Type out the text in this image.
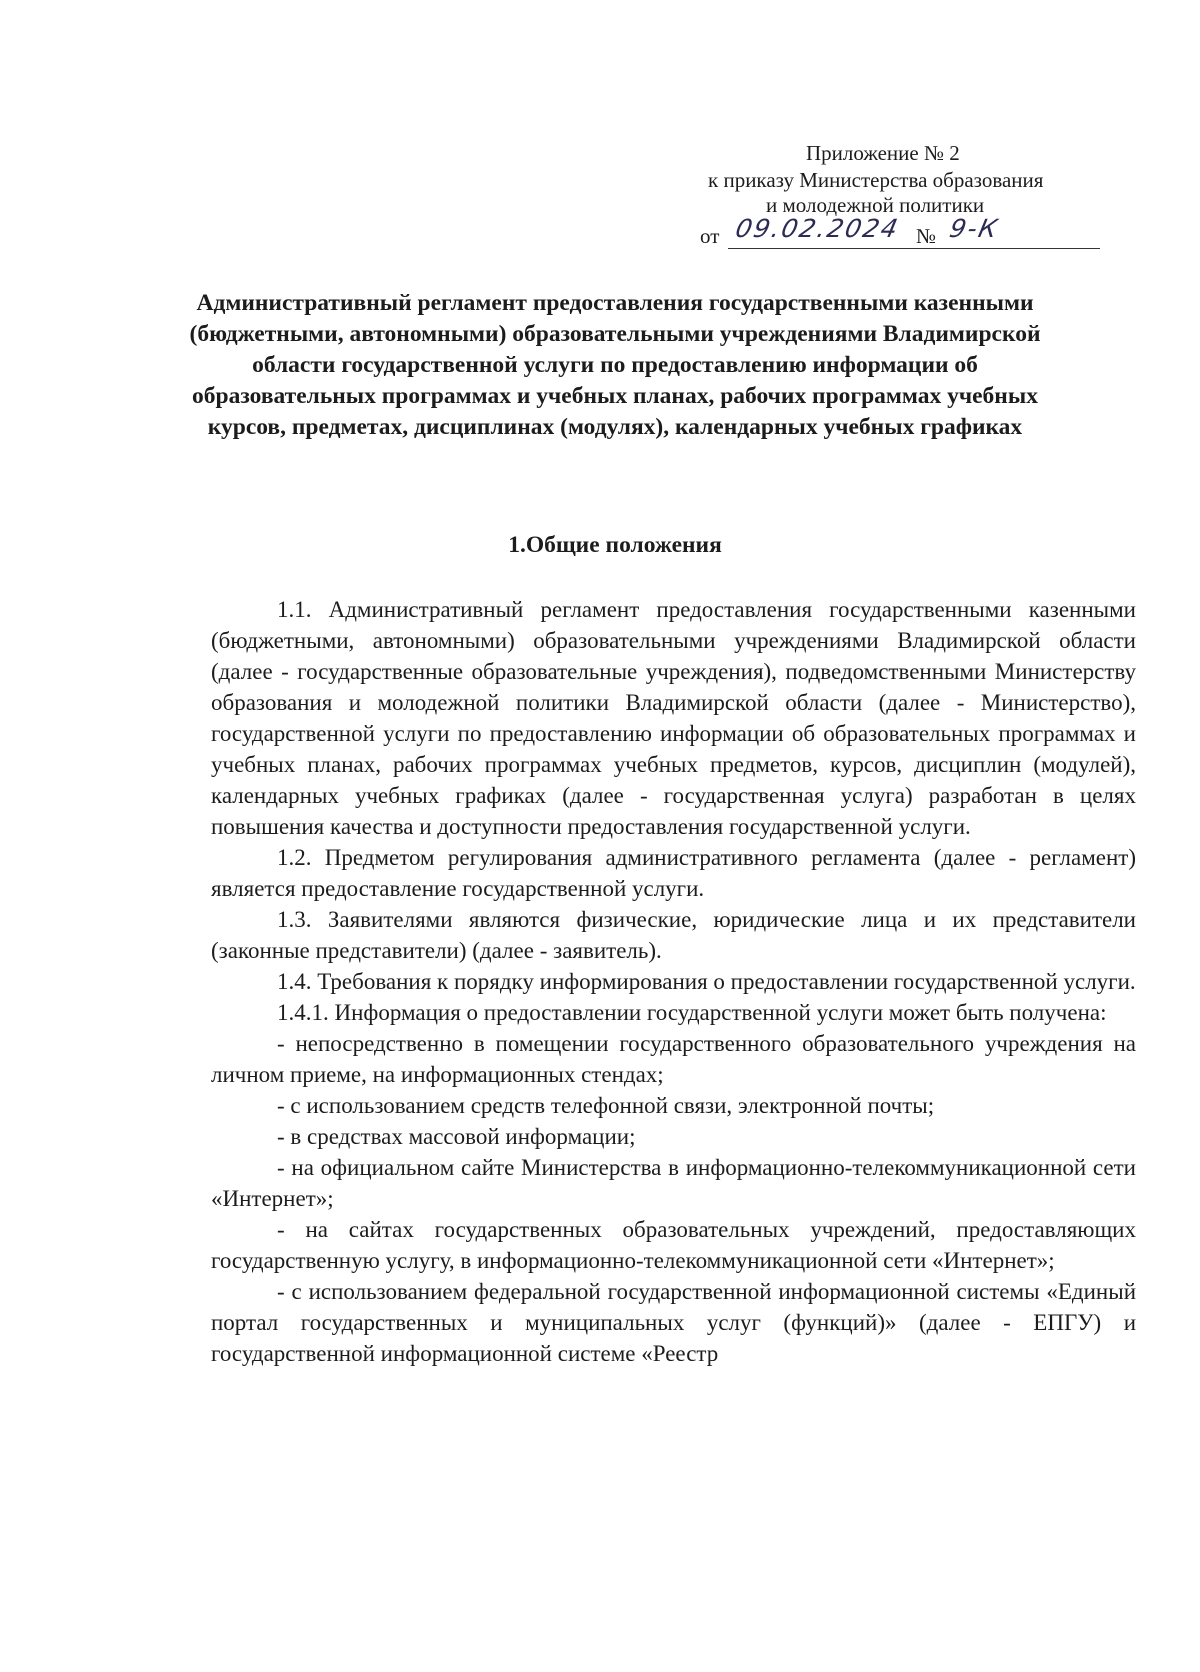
Приложение № 2
к приказу Министерства образования
и молодежной политики
от 09.02.2024 № 9-К
Административный регламент предоставления государственными казенными (бюджетными, автономными) образовательными учреждениями Владимирской области государственной услуги по предоставлению информации об образовательных программах и учебных планах, рабочих программах учебных курсов, предметах, дисциплинах (модулях), календарных учебных графиках
1.Общие положения

1.1. Административный регламент предоставления государственными казенными (бюджетными, автономными) образовательными учреждениями Владимирской области (далее - государственные образовательные учреждения), подведомственными Министерству образования и молодежной политики Владимирской области (далее - Министерство), государственной услуги по предоставлению информации об образовательных программах и учебных планах, рабочих программах учебных предметов, курсов, дисциплин (модулей), календарных учебных графиках (далее - государственная услуга) разработан в целях повышения качества и доступности предоставления государственной услуги.

1.2. Предметом регулирования административного регламента (далее - регламент) является предоставление государственной услуги.

1.3. Заявителями являются физические, юридические лица и их представители (законные представители) (далее - заявитель).

1.4. Требования к порядку информирования о предоставлении государственной услуги.

1.4.1. Информация о предоставлении государственной услуги может быть получена:

- непосредственно в помещении государственного образовательного учреждения на личном приеме, на информационных стендах;

- с использованием средств телефонной связи, электронной почты;

- в средствах массовой информации;

- на официальном сайте Министерства в информационно-телекоммуникационной сети «Интернет»;

- на сайтах государственных образовательных учреждений, предоставляющих государственную услугу, в информационно-телекоммуникационной сети «Интернет»;

- с использованием федеральной государственной информационной системы «Единый портал государственных и муниципальных услуг (функций)» (далее - ЕПГУ) и государственной информационной системе «Реестр
